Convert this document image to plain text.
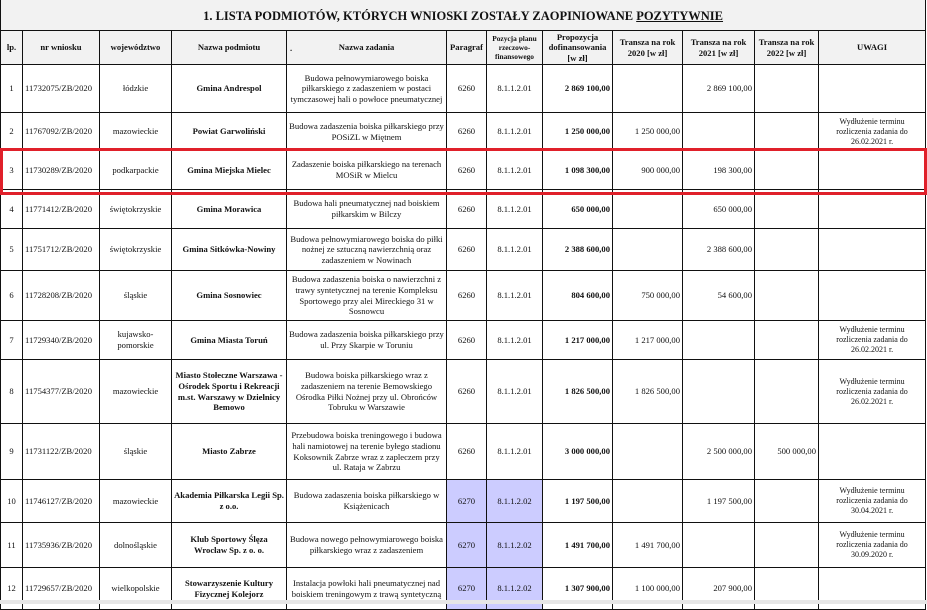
1. LISTA PODMIOTÓW, KTÓRYCH WNIOSKI ZOSTAŁY ZAOPINIOWANE POZYTYWNIE											
lp.	nr wniosku	województwo	Nazwa podmiotu	. Nazwa zadania	Paragraf	Pozycja planu rzeczowo-finansowego	Propozycja dofinansowania [w zł]	Transza na rok 2020 [w zł]	Transza na rok 2021 [w zł]	Transza na rok 2022 [w zł]	UWAGI
1	11732075/ZB/2020	łódzkie	Gmina Andrespol	Budowa pełnowymiarowego boiska piłkarskiego z zadaszeniem w postaci tymczasowej hali o powłoce pneumatycznej	6260	8.1.1.2.01	2 869 100,00		2 869 100,00		
2	11767092/ZB/2020	mazowieckie	Powiat Garwoliński	Budowa zadaszenia boiska piłkarskiego przy POSiZL w Miętnem	6260	8.1.1.2.01	1 250 000,00	1 250 000,00			Wydłużenie terminu rozliczenia zadania do 26.02.2021 r.
3	11730289/ZB/2020	podkarpackie	Gmina Miejska Mielec	Zadaszenie boiska piłkarskiego na terenach MOSiR w Mielcu	6260	8.1.1.2.01	1 098 300,00	900 000,00	198 300,00		
4	11771412/ZB/2020	świętokrzyskie	Gmina Morawica	Budowa hali pneumatycznej nad boiskiem piłkarskim w Bilczy	6260	8.1.1.2.01	650 000,00		650 000,00		
5	11751712/ZB/2020	świętokrzyskie	Gmina Sitkówka-Nowiny	Budowa pełnowymiarowego boiska do piłki nożnej ze sztuczną nawierzchnią oraz zadaszeniem w Nowinach	6260	8.1.1.2.01	2 388 600,00		2 388 600,00		
6	11728208/ZB/2020	śląskie	Gmina Sosnowiec	Budowa zadaszenia boiska o nawierzchni z trawy syntetycznej na terenie Kompleksu Sportowego przy alei Mireckiego 31 w Sosnowcu	6260	8.1.1.2.01	804 600,00	750 000,00	54 600,00		
7	11729340/ZB/2020	kujawsko-pomorskie	Gmina Miasta Toruń	Budowa zadaszenia boiska piłkarskiego przy ul. Przy Skarpie w Toruniu	6260	8.1.1.2.01	1 217 000,00	1 217 000,00			Wydłużenie terminu rozliczenia zadania do 26.02.2021 r.
8	11754377/ZB/2020	mazowieckie	Miasto Stołeczne Warszawa - Ośrodek Sportu i Rekreacji m.st. Warszawy w Dzielnicy Bemowo	Budowa boiska piłkarskiego wraz z zadaszeniem na terenie Bemowskiego Ośrodka Piłki Nożnej przy ul. Obrońców Tobruku w Warszawie	6260	8.1.1.2.01	1 826 500,00	1 826 500,00			Wydłużenie terminu rozliczenia zadania do 26.02.2021 r.
9	11731122/ZB/2020	śląskie	Miasto Zabrze	Przebudowa boiska treningowego i budowa hali namiotowej na terenie byłego stadionu Koksownik Zabrze wraz z zapleczem przy ul. Rataja w Zabrzu	6260	8.1.1.2.01	3 000 000,00		2 500 000,00	500 000,00	
10	11746127/ZB/2020	mazowieckie	Akademia Piłkarska Legii Sp. z o.o.	Budowa zadaszenia boiska piłkarskiego w Książenicach	6270	8.1.1.2.02	1 197 500,00		1 197 500,00		Wydłużenie terminu rozliczenia zadania do 30.04.2021 r.
11	11735936/ZB/2020	dolnośląskie	Klub Sportowy Ślęza Wrocław Sp. z o. o.	Budowa nowego pełnowymiarowego boiska piłkarskiego wraz z zadaszeniem	6270	8.1.1.2.02	1 491 700,00	1 491 700,00			Wydłużenie terminu rozliczenia zadania do 30.09.2020 r.
12	11729657/ZB/2020	wielkopolskie	Stowarzyszenie Kultury Fizycznej Kolejorz	Instalacja powłoki hali pneumatycznej nad boiskiem treningowym z trawą syntetyczną	6270	8.1.1.2.02	1 307 900,00	1 100 000,00	207 900,00		
